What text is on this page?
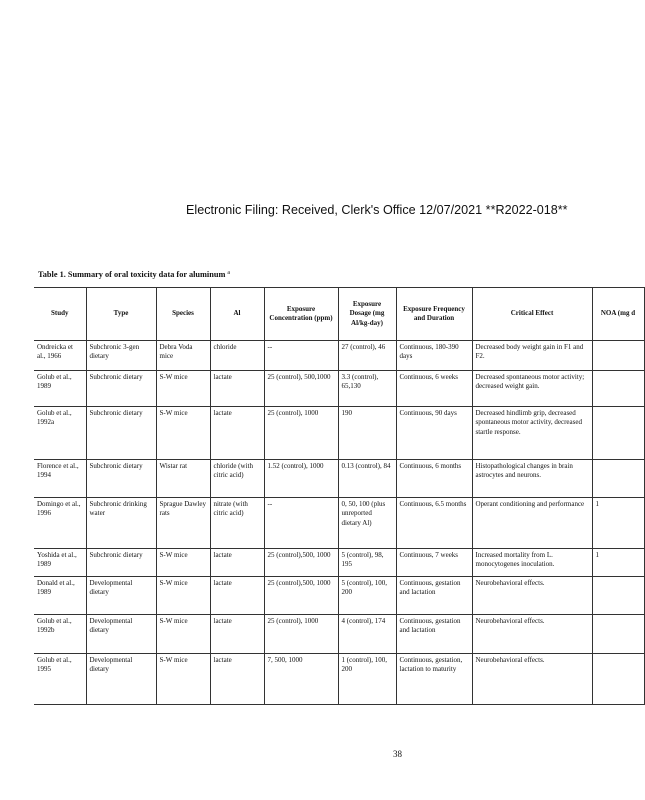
Electronic Filing: Received, Clerk's Office 12/07/2021 **R2022-018**
Table 1. Summary of oral toxicity data for aluminum $^a$
Study	Type	Species	Al	Exposure Concentration (ppm)	Exposure Dosage (mg Al/kg-day)	Exposure Frequency and Duration	Critical Effect	NOA (mg d
Ondreicka et al., 1966	Subchronic 3-gen dietary	Debra Voda mice	chloride	--	27 (control), 46	Continuous, 180-390 days	Decreased body weight gain in F1 and F2.	
Golub et al., 1989	Subchronic dietary	S-W mice	lactate	25 (control), 500,1000	3.3 (control), 65,130	Continuous, 6 weeks	Decreased spontaneous motor activity; decreased weight gain.	
Golub et al., 1992a	Subchronic dietary	S-W mice	lactate	25 (control), 1000	190	Continuous, 90 days	Decreased hindlimb grip, decreased spontaneous motor activity, decreased startle response.	
Florence et al., 1994	Subchronic dietary	Wistar rat	chloride (with citric acid)	1.52 (control), 1000	0.13 (control), 84	Continuous, 6 months	Histopathological changes in brain astrocytes and neurons.	
Domingo et al., 1996	Subchronic drinking water	Sprague Dawley rats	nitrate (with citric acid)	--	0, 50, 100 (plus unreported dietary Al)	Continuous, 6.5 months	Operant conditioning and performance	1
Yoshida et al., 1989	Subchronic dietary	S-W mice	lactate	25 (control),500, 1000	5 (control), 98, 195	Continuous, 7 weeks	Increased mortality from L. monocytogenes inoculation.	1
Donald et al., 1989	Developmental dietary	S-W mice	lactate	25 (control),500, 1000	5 (control), 100, 200	Continuous, gestation and lactation	Neurobehavioral effects.	
Golub et al., 1992b	Developmental dietary	S-W mice	lactate	25 (control), 1000	4 (control), 174	Continuous, gestation and lactation	Neurobehavioral effects.	
Golub et al., 1995	Developmental dietary	S-W mice	lactate	7, 500, 1000	1 (control), 100, 200	Continuous, gestation, lactation to maturity	Neurobehavioral effects.	
38
